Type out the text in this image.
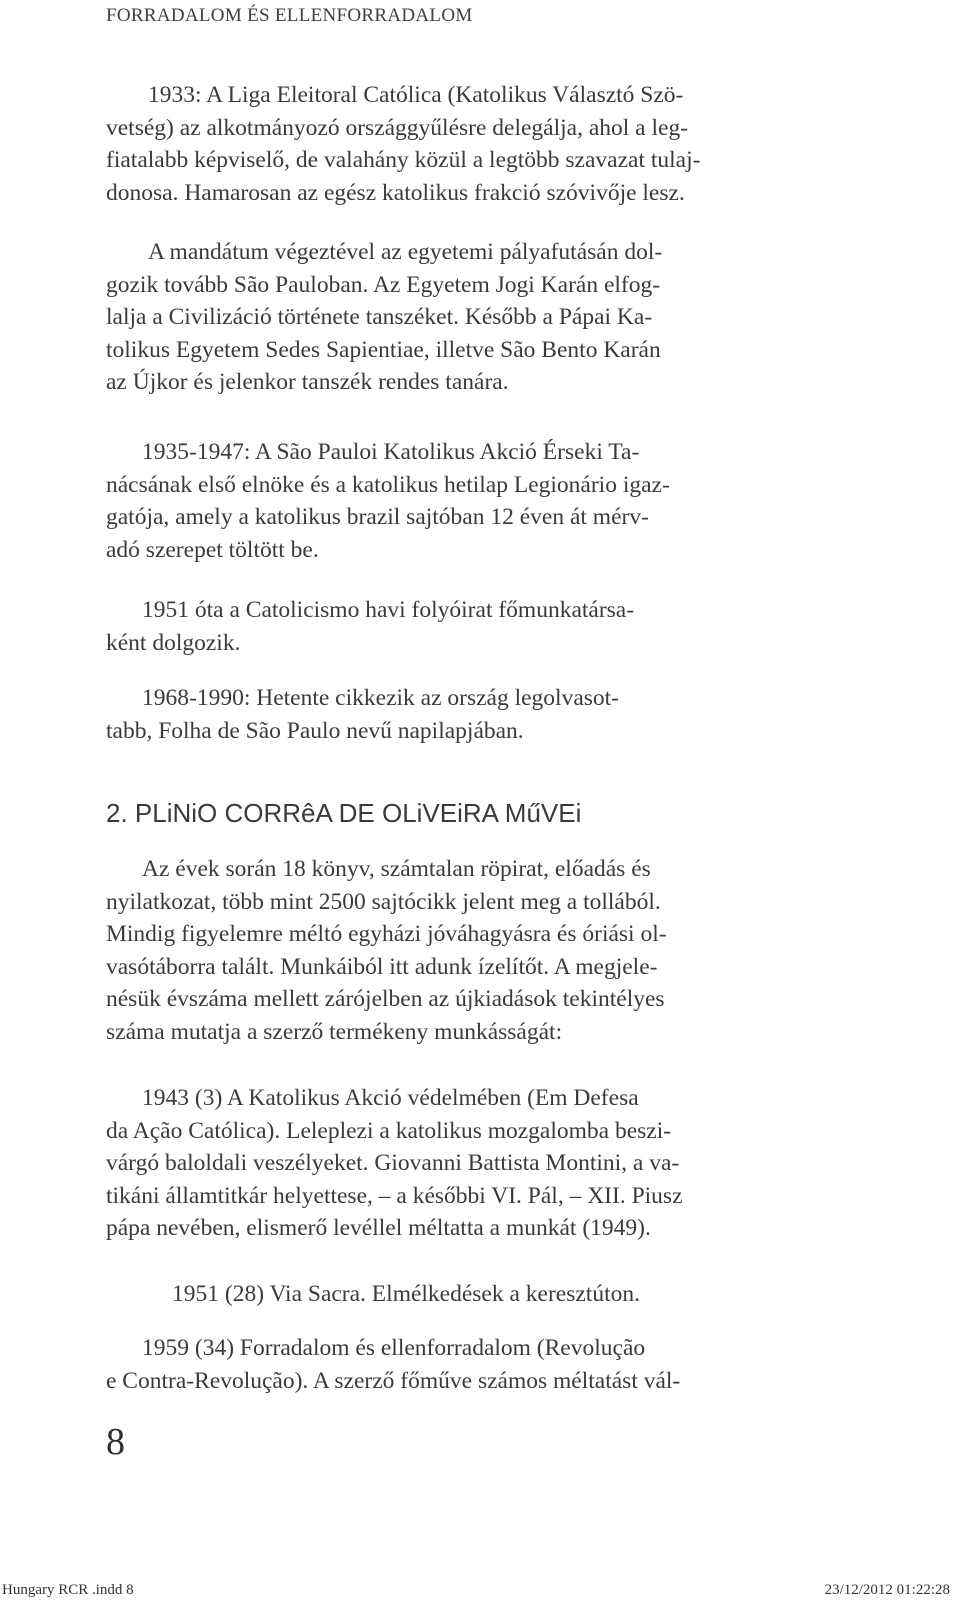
FORRADALOM ÉS ELLENFORRADALOM

1933: A Liga Eleitoral Católica (Katolikus Választó Szö-
vetség) az alkotmányozó országgyűlésre delegálja, ahol a leg-
fiatalabb képviselő, de valahány közül a legtöbb szavazat tulaj-
donosa. Hamarosan az egész katolikus frakció szóvivője lesz.

A mandátum végeztével az egyetemi pályafutásán dol-
gozik tovább São Pauloban. Az Egyetem Jogi Karán elfog-
lalja a Civilizáció története tanszéket. Később a Pápai Ka-
tolikus Egyetem Sedes Sapientiae, illetve São Bento Karán
az Újkor és jelenkor tanszék rendes tanára.

1935-1947: A São Pauloi Katolikus Akció Érseki Ta-
nácsának első elnöke és a katolikus hetilap Legionário igaz-
gatója, amely a katolikus brazil sajtóban 12 éven át mérv-
adó szerepet töltött be.

1951 óta a Catolicismo havi folyóirat főmunkatársa-
ként dolgozik.

1968-1990: Hetente cikkezik az ország legolvasot-
tabb, Folha de São Paulo nevű napilapjában.

2. PLiNiO CORRêA DE OLiVEiRA MűVEi

Az évek során 18 könyv, számtalan röpirat, előadás és
nyilatkozat, több mint 2500 sajtócikk jelent meg a tollából.
Mindig figyelemre méltó egyházi jóváhagyásra és óriási ol-
vasótáborra talált. Munkáiból itt adunk ízelítőt. A megjele-
nésük évszáma mellett zárójelben az újkiadások tekintélyes
száma mutatja a szerző termékeny munkásságát:

1943 (3) A Katolikus Akció védelmében (Em Defesa
da Ação Católica). Leleplezi a katolikus mozgalomba beszi-
várgó baloldali veszélyeket. Giovanni Battista Montini, a va-
tikáni államtitkár helyettese, – a későbbi VI. Pál, – XII. Piusz
pápa nevében, elismerő levéllel méltatta a munkát (1949).

1951 (28) Via Sacra. Elmélkedések a keresztúton.

1959 (34) Forradalom és ellenforradalom (Revolução
e Contra-Revolução). A szerző főműve számos méltatást vál-

8
Hungary RCR .indd 8	23/12/2012 01:22:28
